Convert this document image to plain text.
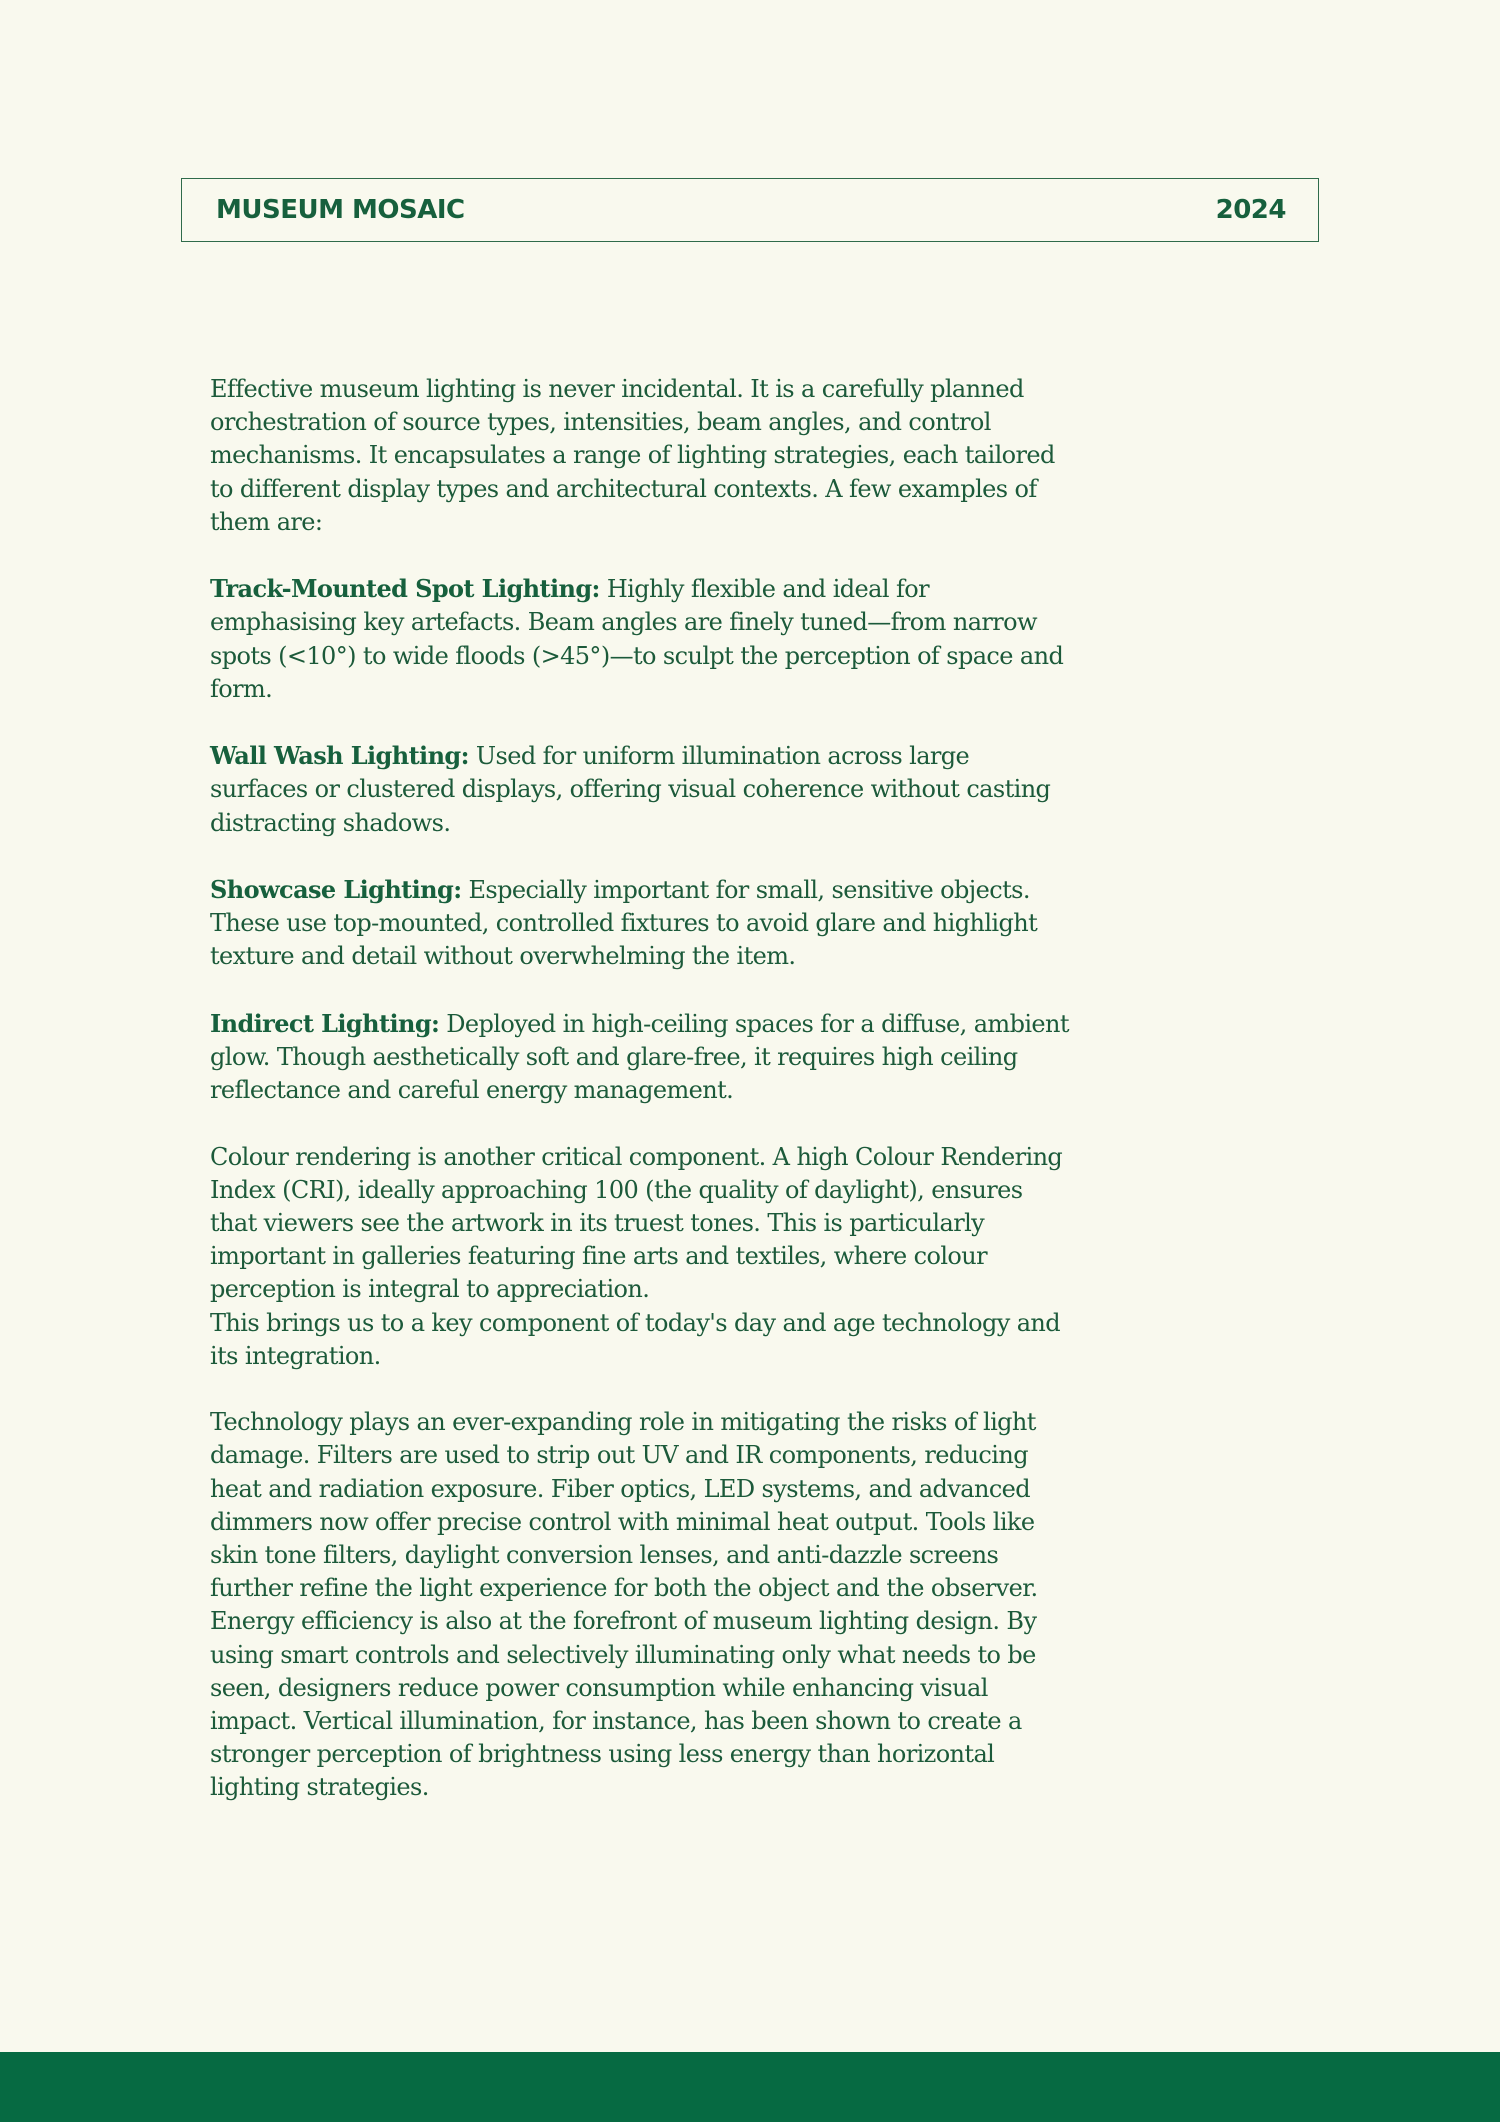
MUSEUM MOSAIC	2024

Effective museum lighting is never incidental. It is a carefully planned orchestration of source types, intensities, beam angles, and control mechanisms. It encapsulates a range of lighting strategies, each tailored to different display types and architectural contexts. A few examples of them are:

Track-Mounted Spot Lighting: Highly flexible and ideal for emphasising key artefacts. Beam angles are finely tuned—from narrow spots (<10°) to wide floods (>45°)—to sculpt the perception of space and form.

Wall Wash Lighting: Used for uniform illumination across large surfaces or clustered displays, offering visual coherence without casting distracting shadows.

Showcase Lighting: Especially important for small, sensitive objects. These use top-mounted, controlled fixtures to avoid glare and highlight texture and detail without overwhelming the item.

Indirect Lighting: Deployed in high-ceiling spaces for a diffuse, ambient glow. Though aesthetically soft and glare-free, it requires high ceiling reflectance and careful energy management.

Colour rendering is another critical component. A high Colour Rendering Index (CRI), ideally approaching 100 (the quality of daylight), ensures that viewers see the artwork in its truest tones. This is particularly important in galleries featuring fine arts and textiles, where colour perception is integral to appreciation.

This brings us to a key component of today's day and age technology and its integration.

Technology plays an ever-expanding role in mitigating the risks of light damage. Filters are used to strip out UV and IR components, reducing heat and radiation exposure. Fiber optics, LED systems, and advanced dimmers now offer precise control with minimal heat output. Tools like skin tone filters, daylight conversion lenses, and anti-dazzle screens further refine the light experience for both the object and the observer. Energy efficiency is also at the forefront of museum lighting design. By using smart controls and selectively illuminating only what needs to be seen, designers reduce power consumption while enhancing visual impact. Vertical illumination, for instance, has been shown to create a stronger perception of brightness using less energy than horizontal lighting strategies.
